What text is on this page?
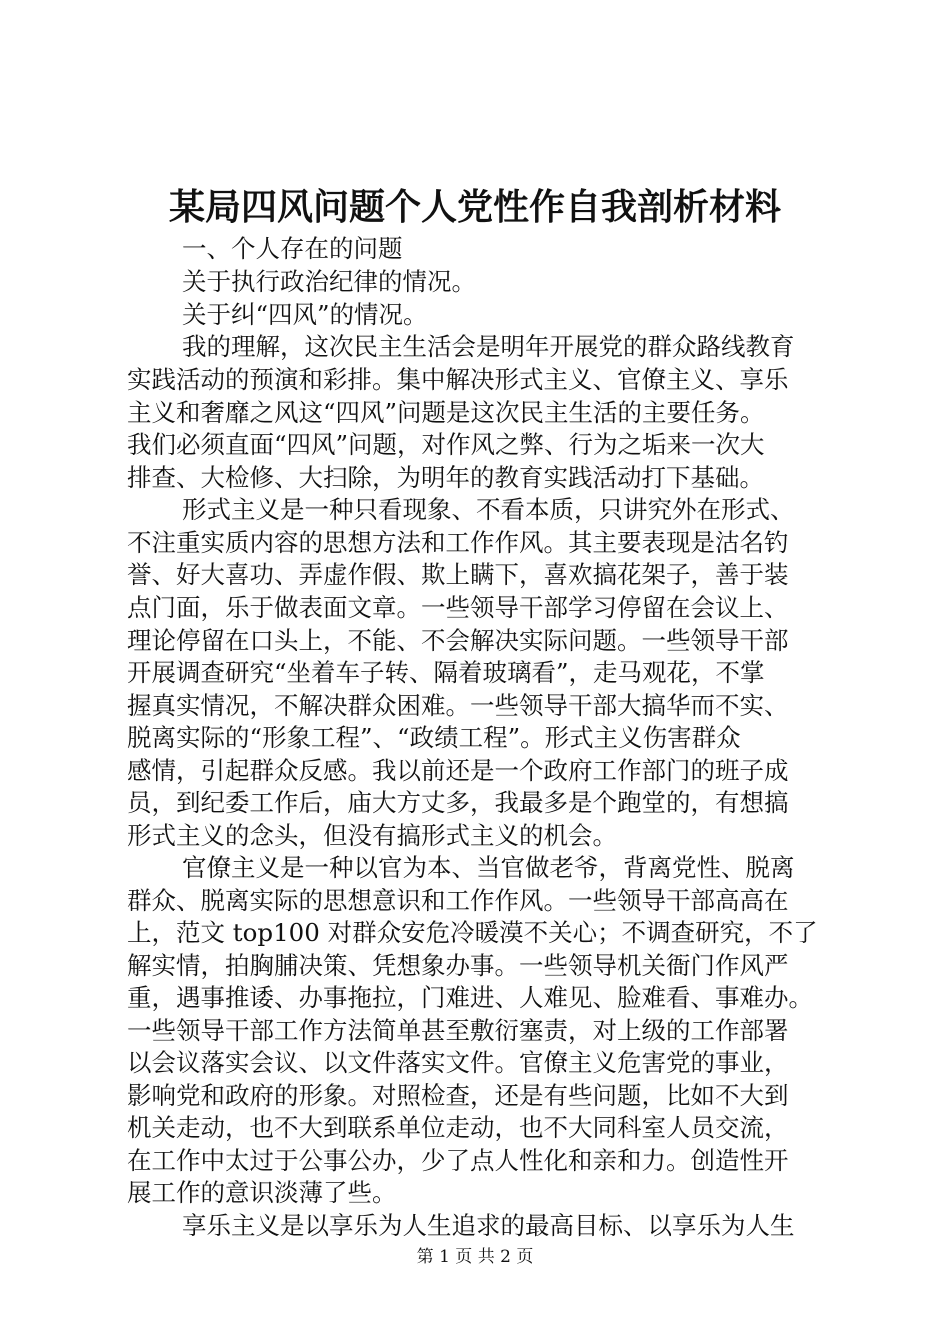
某局四风问题个人党性作自我剖析材料
一、个人存在的问题
关于执行政治纪律的情况。
关于纠“四风”的情况。
我的理解，这次民主生活会是明年开展党的群众路线教育
实践活动的预演和彩排。集中解决形式主义、官僚主义、享乐
主义和奢靡之风这“四风”问题是这次民主生活的主要任务。
我们必须直面“四风”问题，对作风之弊、行为之垢来一次大
排查、大检修、大扫除，为明年的教育实践活动打下基础。
形式主义是一种只看现象、不看本质，只讲究外在形式、
不注重实质内容的思想方法和工作作风。其主要表现是沽名钓
誉、好大喜功、弄虚作假、欺上瞒下，喜欢搞花架子，善于装
点门面，乐于做表面文章。一些领导干部学习停留在会议上、
理论停留在口头上，不能、不会解决实际问题。一些领导干部
开展调查研究“坐着车子转、隔着玻璃看”，走马观花，不掌
握真实情况，不解决群众困难。一些领导干部大搞华而不实、
脱离实际的“形象工程”、“政绩工程”。形式主义伤害群众
感情，引起群众反感。我以前还是一个政府工作部门的班子成
员，到纪委工作后，庙大方丈多，我最多是个跑堂的，有想搞
形式主义的念头，但没有搞形式主义的机会。
官僚主义是一种以官为本、当官做老爷，背离党性、脱离
群众、脱离实际的思想意识和工作作风。一些领导干部高高在
上，范文 top100 对群众安危冷暖漠不关心；不调查研究，不了
解实情，拍胸脯决策、凭想象办事。一些领导机关衙门作风严
重，遇事推诿、办事拖拉，门难进、人难见、脸难看、事难办。
一些领导干部工作方法简单甚至敷衍塞责，对上级的工作部署
以会议落实会议、以文件落实文件。官僚主义危害党的事业，
影响党和政府的形象。对照检查，还是有些问题，比如不大到
机关走动，也不大到联系单位走动，也不大同科室人员交流，
在工作中太过于公事公办，少了点人性化和亲和力。创造性开
展工作的意识淡薄了些。
享乐主义是以享乐为人生追求的最高目标、以享乐为人生
第 1 页 共 2 页
